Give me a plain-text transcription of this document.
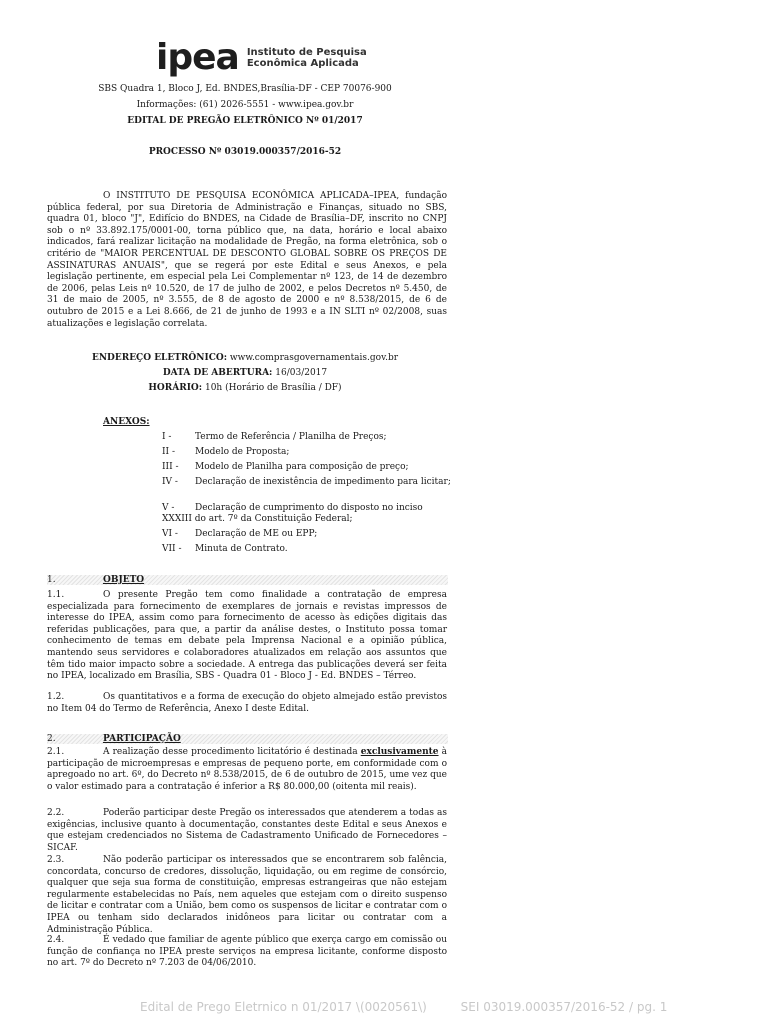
ipea Instituto de Pesquisa
Econômica Aplicada
SBS Quadra 1, Bloco J, Ed. BNDES,Brasília-DF - CEP 70076-900
Informações: (61) 2026-5551 - www.ipea.gov.br
EDITAL DE PREGÃO ELETRÔNICO Nº 01/2017
PROCESSO Nº 03019.000357/2016-52

O INSTITUTO DE PESQUISA ECONÔMICA APLICADA–IPEA, fundação pública federal, por sua Diretoria de Administração e Finanças, situado no SBS, quadra 01, bloco "J", Edifício do BNDES, na Cidade de Brasília–DF, inscrito no CNPJ sob o nº 33.892.175/0001-00, torna público que, na data, horário e local abaixo indicados, fará realizar licitação na modalidade de Pregão, na forma eletrônica, sob o critério de "MAIOR PERCENTUAL DE DESCONTO GLOBAL SOBRE OS PREÇOS DE ASSINATURAS ANUAIS", que se regerá por este Edital e seus Anexos, e pela legislação pertinente, em especial pela Lei Complementar nº 123, de 14 de dezembro de 2006, pelas Leis nº 10.520, de 17 de julho de 2002, e pelos Decretos nº 5.450, de 31 de maio de 2005, nº 3.555, de 8 de agosto de 2000 e nº 8.538/2015, de 6 de outubro de 2015 e a Lei 8.666, de 21 de junho de 1993 e a IN SLTI nº 02/2008, suas atualizações e legislação correlata.

ENDEREÇO ELETRÔNICO: www.comprasgovernamentais.gov.br
DATA DE ABERTURA: 16/03/2017
HORÁRIO: 10h (Horário de Brasília / DF)
ANEXOS:
I -	Termo de Referência / Planilha de Preços;
II - Modelo de Proposta;
III - Modelo de Planilha para composição de preço;
IV - Declaração de inexistência de impedimento para licitar;
V - Declaração de cumprimento do disposto no inciso XXXIII do art. 7º da Constituição Federal;
VI - Declaração de ME ou EPP;
VII - Minuta de Contrato.
1.	OBJETO

1.1.	O presente Pregão tem como finalidade a contratação de empresa especializada para fornecimento de exemplares de jornais e revistas impressos de interesse do IPEA, assim como para fornecimento de acesso às edições digitais das referidas publicações, para que, a partir da análise destes, o Instituto possa tomar conhecimento de temas em debate pela Imprensa Nacional e a opinião pública, mantendo seus servidores e colaboradores atualizados em relação aos assuntos que têm tido maior impacto sobre a sociedade. A entrega das publicações deverá ser feita no IPEA, localizado em Brasília, SBS - Quadra 01 - Bloco J - Ed. BNDES – Térreo.

1.2.	Os quantitativos e a forma de execução do objeto almejado estão previstos no Item 04 do Termo de Referência, Anexo I deste Edital.

2.	PARTICIPAÇÃO

2.1.	A realização desse procedimento licitatório é destinada exclusivamente à participação de microempresas e empresas de pequeno porte, em conformidade com o apregoado no art. 6º, do Decreto nº 8.538/2015, de 6 de outubro de 2015, ume vez que o valor estimado para a contratação é inferior a R$ 80.000,00 (oitenta mil reais).

2.2.	Poderão participar deste Pregão os interessados que atenderem a todas as exigências, inclusive quanto à documentação, constantes deste Edital e seus Anexos e que estejam credenciados no Sistema de Cadastramento Unificado de Fornecedores – SICAF.

2.3.	Não poderão participar os interessados que se encontrarem sob falência, concordata, concurso de credores, dissolução, liquidação, ou em regime de consórcio, qualquer que seja sua forma de constituição, empresas estrangeiras que não estejam regularmente estabelecidas no País, nem aqueles que estejam com o direito suspenso de licitar e contratar com a União, bem como os suspensos de licitar e contratar com o IPEA ou tenham sido declarados inidôneos para licitar ou contratar com a Administração Pública.

2.4.	É vedado que familiar de agente público que exerça cargo em comissão ou função de confiança no IPEA preste serviços na empresa licitante, conforme disposto no art. 7º do Decreto nº 7.203 de 04/06/2010.

Edital de Prego Eletrnico n 01/2017 \(0020561\)	SEI 03019.000357/2016-52 / pg. 1
